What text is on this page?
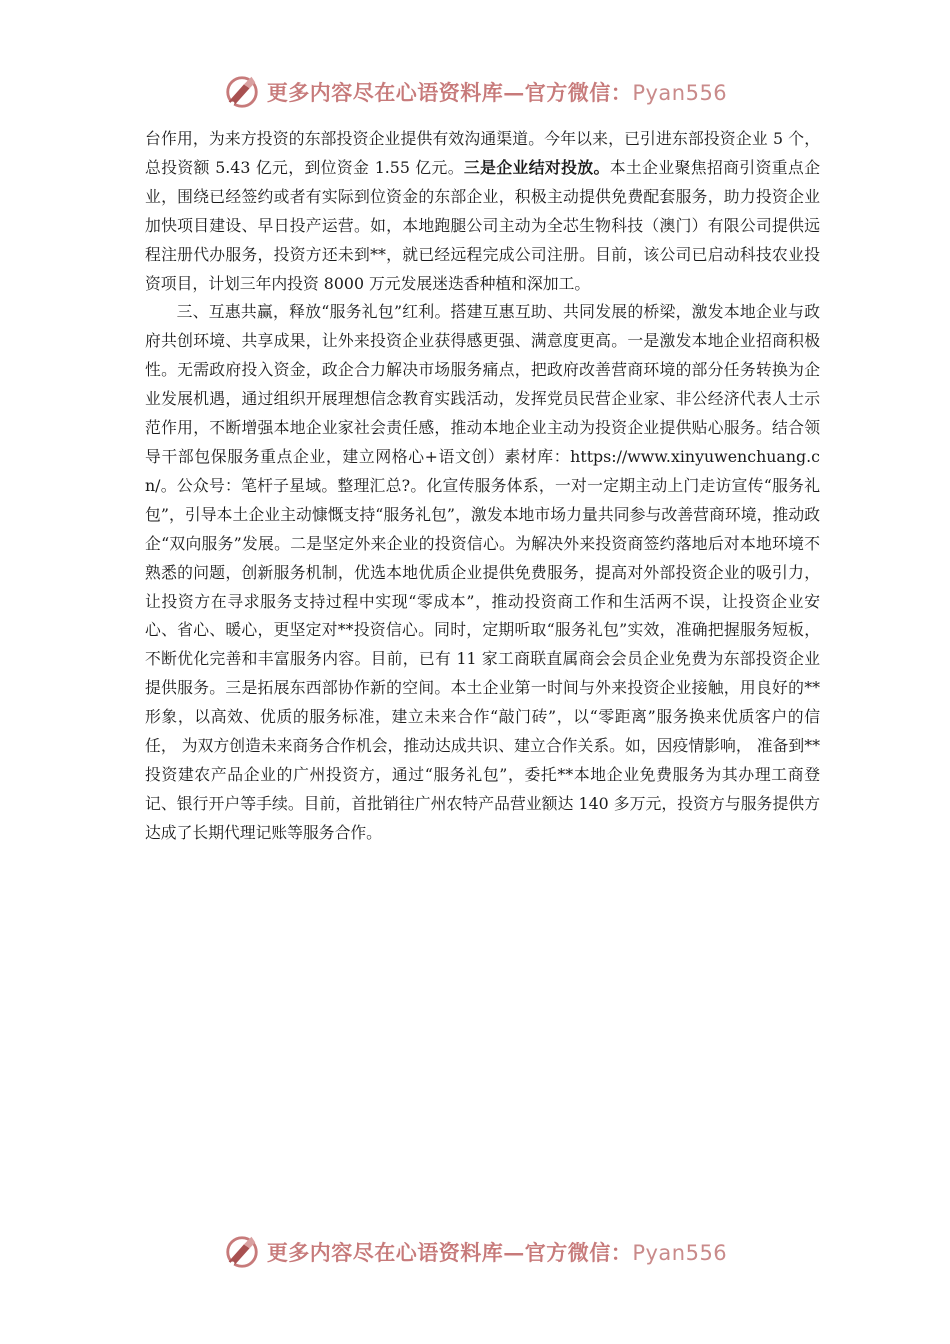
更多内容尽在心语资料库—官方微信：Pyan556

台作用，为来方投资的东部投资企业提供有效沟通渠道。今年以来，已引进东部投资企业 5 个，总投资额 5.43 亿元，到位资金 1.55 亿元。三是企业结对投放。本土企业聚焦招商引资重点企业，围绕已经签约或者有实际到位资金的东部企业，积极主动提供免费配套服务，助力投资企业加快项目建设、早日投产运营。如，本地跑腿公司主动为全芯生物科技（澳门）有限公司提供远程注册代办服务，投资方还未到**，就已经远程完成公司注册。目前，该公司已启动科技农业投资项目，计划三年内投资 8000 万元发展迷迭香种植和深加工。

三、互惠共赢，释放“服务礼包”红利。搭建互惠互助、共同发展的桥梁，激发本地企业与政府共创环境、共享成果，让外来投资企业获得感更强、满意度更高。一是激发本地企业招商积极性。无需政府投入资金，政企合力解决市场服务痛点，把政府改善营商环境的部分任务转换为企业发展机遇，通过组织开展理想信念教育实践活动，发挥党员民营企业家、非公经济代表人士示范作用，不断增强本地企业家社会责任感，推动本地企业主动为投资企业提供贴心服务。结合领导干部包保服务重点企业，建立网格心+语文创）素材库：https://www.xinyuwenchuang.cn/。公众号：笔杆子星域。整理汇总?。化宣传服务体系，一对一定期主动上门走访宣传“服务礼包”，引导本土企业主动慷慨支持“服务礼包”，激发本地市场力量共同参与改善营商环境，推动政企“双向服务”发展。二是坚定外来企业的投资信心。为解决外来投资商签约落地后对本地环境不熟悉的问题，创新服务机制，优选本地优质企业提供免费服务，提高对外部投资企业的吸引力，让投资方在寻求服务支持过程中实现“零成本”，推动投资商工作和生活两不误，让投资企业安心、省心、暖心，更坚定对**投资信心。同时，定期听取“服务礼包”实效，准确把握服务短板，不断优化完善和丰富服务内容。目前，已有 11 家工商联直属商会会员企业免费为东部投资企业提供服务。三是拓展东西部协作新的空间。本土企业第一时间与外来投资企业接触，用良好的**形象，以高效、优质的服务标准，建立未来合作“敲门砖”，以“零距离”服务换来优质客户的信任， 为双方创造未来商务合作机会，推动达成共识、建立合作关系。如，因疫情影响， 准备到**投资建农产品企业的广州投资方，通过“服务礼包”，委托**本地企业免费服务为其办理工商登记、银行开户等手续。目前，首批销往广州农特产品营业额达 140 多万元，投资方与服务提供方达成了长期代理记账等服务合作。

更多内容尽在心语资料库—官方微信：Pyan556
